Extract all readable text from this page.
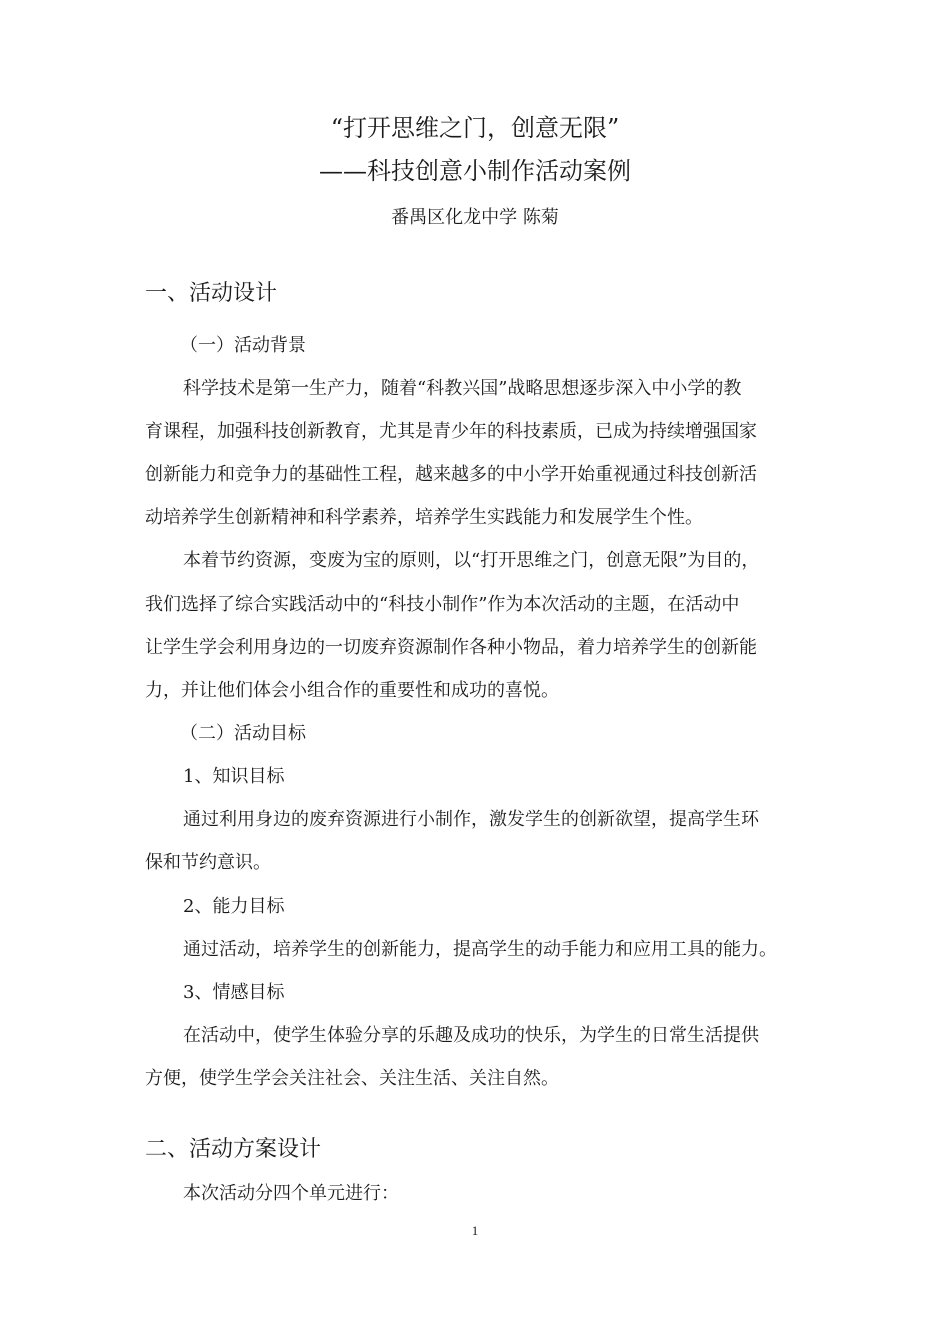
“打开思维之门，创意无限”
——科技创意小制作活动案例
番禺区化龙中学 陈菊
一、活动设计
（一）活动背景
科学技术是第一生产力，随着“科教兴国”战略思想逐步深入中小学的教
育课程，加强科技创新教育，尤其是青少年的科技素质，已成为持续增强国家
创新能力和竞争力的基础性工程，越来越多的中小学开始重视通过科技创新活
动培养学生创新精神和科学素养，培养学生实践能力和发展学生个性。
本着节约资源，变废为宝的原则，以“打开思维之门，创意无限”为目的，
我们选择了综合实践活动中的“科技小制作”作为本次活动的主题，在活动中
让学生学会利用身边的一切废弃资源制作各种小物品，着力培养学生的创新能
力，并让他们体会小组合作的重要性和成功的喜悦。
（二）活动目标
1、知识目标
通过利用身边的废弃资源进行小制作，激发学生的创新欲望，提高学生环
保和节约意识。
2、能力目标
通过活动，培养学生的创新能力，提高学生的动手能力和应用工具的能力。
3、情感目标
在活动中，使学生体验分享的乐趣及成功的快乐，为学生的日常生活提供
方便，使学生学会关注社会、关注生活、关注自然。
二、活动方案设计
本次活动分四个单元进行：
1
